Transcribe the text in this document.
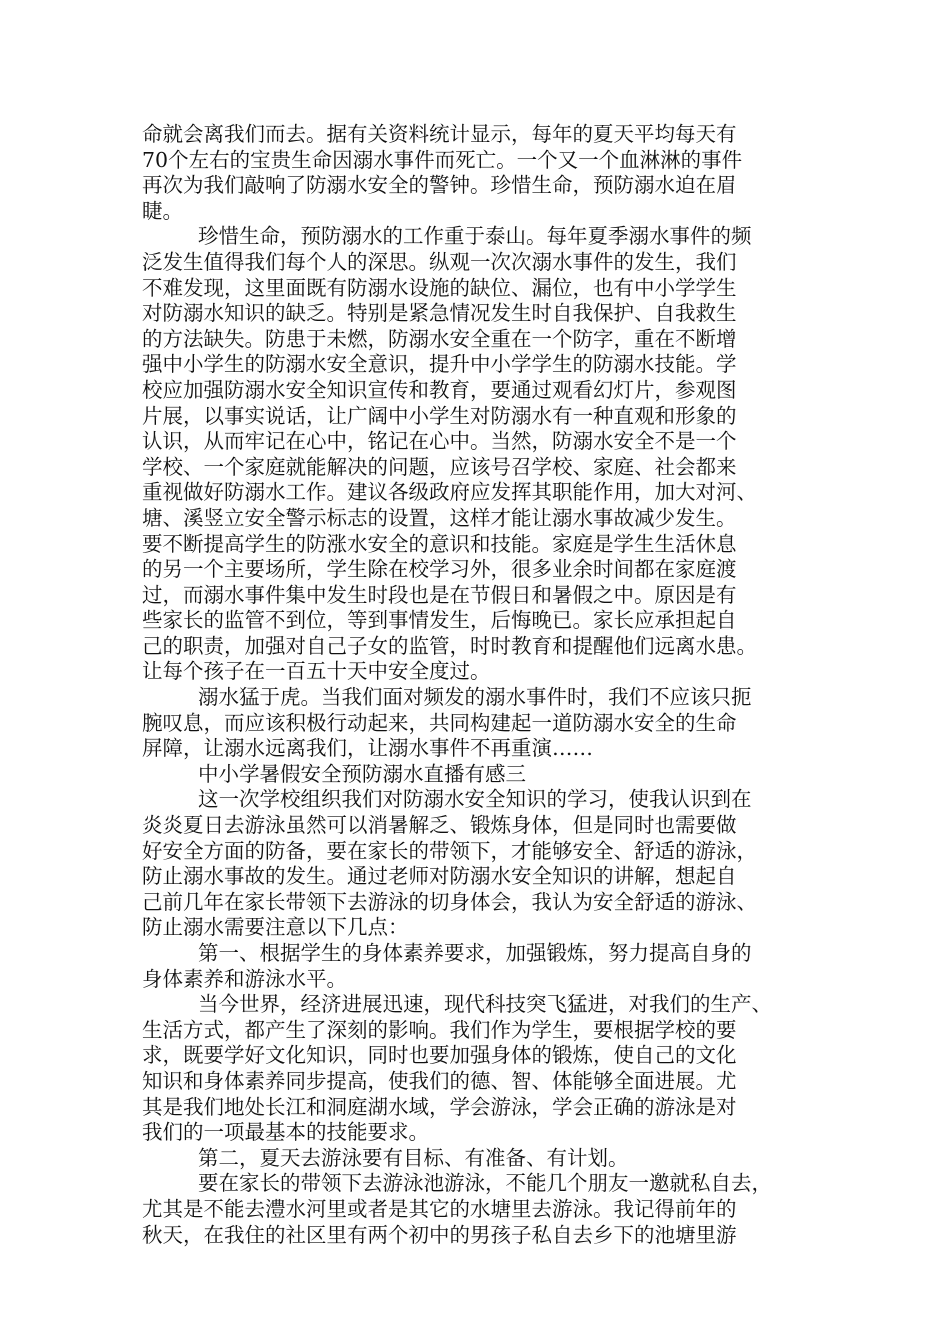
命就会离我们而去。据有关资料统计显示，每年的夏天平均每天有
70个左右的宝贵生命因溺水事件而死亡。一个又一个血淋淋的事件
再次为我们敲响了防溺水安全的警钟。珍惜生命，预防溺水迫在眉
睫。
珍惜生命，预防溺水的工作重于泰山。每年夏季溺水事件的频
泛发生值得我们每个人的深思。纵观一次次溺水事件的发生，我们
不难发现，这里面既有防溺水设施的缺位、漏位，也有中小学学生
对防溺水知识的缺乏。特别是紧急情况发生时自我保护、自我救生
的方法缺失。防患于未燃，防溺水安全重在一个防字，重在不断增
强中小学生的防溺水安全意识，提升中小学学生的防溺水技能。学
校应加强防溺水安全知识宣传和教育，要通过观看幻灯片，参观图
片展，以事实说话，让广阔中小学生对防溺水有一种直观和形象的
认识，从而牢记在心中，铭记在心中。当然，防溺水安全不是一个
学校、一个家庭就能解决的问题，应该号召学校、家庭、社会都来
重视做好防溺水工作。建议各级政府应发挥其职能作用，加大对河、
塘、溪竖立安全警示标志的设置，这样才能让溺水事故减少发生。
要不断提高学生的防涨水安全的意识和技能。家庭是学生生活休息
的另一个主要场所，学生除在校学习外，很多业余时间都在家庭渡
过，而溺水事件集中发生时段也是在节假日和暑假之中。原因是有
些家长的监管不到位，等到事情发生，后悔晚已。家长应承担起自
己的职责，加强对自己子女的监管，时时教育和提醒他们远离水患。
让每个孩子在一百五十天中安全度过。
溺水猛于虎。当我们面对频发的溺水事件时，我们不应该只扼
腕叹息，而应该积极行动起来，共同构建起一道防溺水安全的生命
屏障，让溺水远离我们，让溺水事件不再重演……
中小学暑假安全预防溺水直播有感三
这一次学校组织我们对防溺水安全知识的学习，使我认识到在
炎炎夏日去游泳虽然可以消暑解乏、锻炼身体，但是同时也需要做
好安全方面的防备，要在家长的带领下，才能够安全、舒适的游泳，
防止溺水事故的发生。通过老师对防溺水安全知识的讲解，想起自
己前几年在家长带领下去游泳的切身体会，我认为安全舒适的游泳、
防止溺水需要注意以下几点：
第一、根据学生的身体素养要求，加强锻炼，努力提高自身的
身体素养和游泳水平。
当今世界，经济进展迅速，现代科技突飞猛进，对我们的生产、
生活方式，都产生了深刻的影响。我们作为学生，要根据学校的要
求，既要学好文化知识，同时也要加强身体的锻炼，使自己的文化
知识和身体素养同步提高，使我们的德、智、体能够全面进展。尤
其是我们地处长江和洞庭湖水域，学会游泳，学会正确的游泳是对
我们的一项最基本的技能要求。
第二，夏天去游泳要有目标、有准备、有计划。
要在家长的带领下去游泳池游泳，不能几个朋友一邀就私自去，
尤其是不能去澧水河里或者是其它的水塘里去游泳。我记得前年的
秋天，在我住的社区里有两个初中的男孩子私自去乡下的池塘里游
